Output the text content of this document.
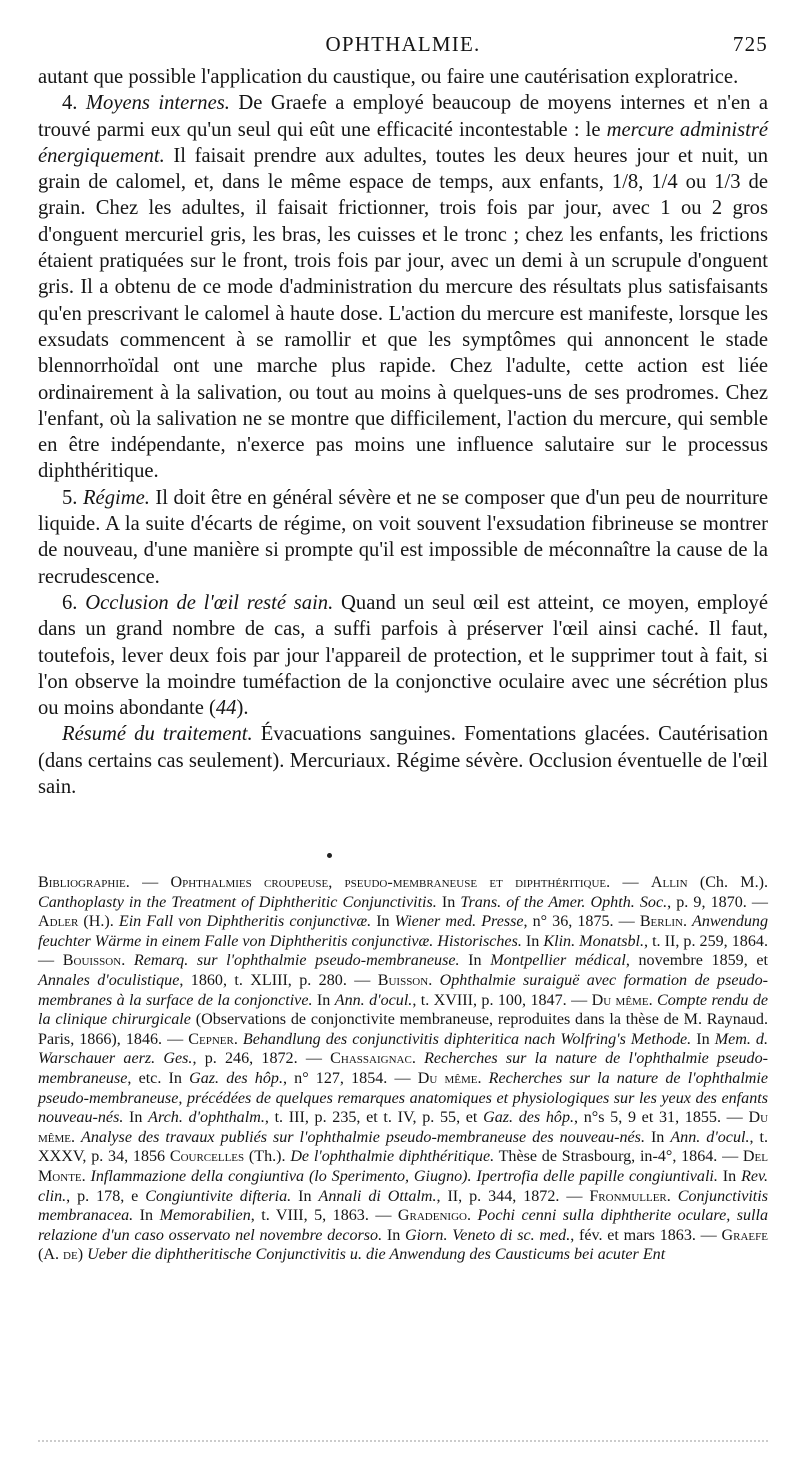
OPHTHALMIE.	725

autant que possible l'application du caustique, ou faire une cautérisation exploratrice.

4. Moyens internes. De Graefe a employé beaucoup de moyens internes et n'en a trouvé parmi eux qu'un seul qui eût une efficacité incontestable : le mercure administré énergiquement. Il faisait prendre aux adultes, toutes les deux heures jour et nuit, un grain de calomel, et, dans le même espace de temps, aux enfants, 1/8, 1/4 ou 1/3 de grain. Chez les adultes, il faisait frictionner, trois fois par jour, avec 1 ou 2 gros d'onguent mercuriel gris, les bras, les cuisses et le tronc ; chez les enfants, les frictions étaient pratiquées sur le front, trois fois par jour, avec un demi à un scrupule d'onguent gris. Il a obtenu de ce mode d'administration du mercure des résultats plus satisfaisants qu'en prescrivant le calomel à haute dose. L'action du mercure est manifeste, lorsque les exsudats commencent à se ramollir et que les symptômes qui annoncent le stade blennorrhoïdal ont une marche plus rapide. Chez l'adulte, cette action est liée ordinairement à la salivation, ou tout au moins à quelques-uns de ses prodromes. Chez l'enfant, où la salivation ne se montre que difficilement, l'action du mercure, qui semble en être indépendante, n'exerce pas moins une influence salutaire sur le processus diphthéritique.

5. Régime. Il doit être en général sévère et ne se composer que d'un peu de nourriture liquide. A la suite d'écarts de régime, on voit souvent l'exsudation fibrineuse se montrer de nouveau, d'une manière si prompte qu'il est impossible de méconnaître la cause de la recrudescence.

6. Occlusion de l'œil resté sain. Quand un seul œil est atteint, ce moyen, employé dans un grand nombre de cas, a suffi parfois à préserver l'œil ainsi caché. Il faut, toutefois, lever deux fois par jour l'appareil de protection, et le supprimer tout à fait, si l'on observe la moindre tuméfaction de la conjonctive oculaire avec une sécrétion plus ou moins abondante (44).

Résumé du traitement. Évacuations sanguines. Fomentations glacées. Cautérisation (dans certains cas seulement). Mercuriaux. Régime sévère. Occlusion éventuelle de l'œil sain.

Bibliographie. — Ophthalmies croupeuse, pseudo-membraneuse et diphthéritique. — Allin (Ch. M.). Canthoplasty in the Treatment of Diphtheritic Conjunctivitis. In Trans. of the Amer. Ophth. Soc., p. 9, 1870. — Adler (H.). Ein Fall von Diphtheritis conjunctivæ. In Wiener med. Presse, n° 36, 1875. — Berlin. Anwendung feuchter Wärme in einem Falle von Diphtheritis conjunctivæ. Historisches. In Klin. Monatsbl., t. II, p. 259, 1864. — Bouisson. Remarq. sur l'ophthalmie pseudo-membraneuse. In Montpellier médical, novembre 1859, et Annales d'oculistique, 1860, t. XLIII, p. 280. — Buisson. Ophthalmie suraiguë avec formation de pseudo-membranes à la surface de la conjonctive. In Ann. d'ocul., t. XVIII, p. 100, 1847. — Du même. Compte rendu de la clinique chirurgicale (Observations de conjonctivite membraneuse, reproduites dans la thèse de M. Raynaud. Paris, 1866), 1846. — Cepner. Behandlung des conjunctivitis diphteritica nach Wolfring's Methode. In Mem. d. Warschauer aerz. Ges., p. 246, 1872. — Chassaignac. Recherches sur la nature de l'ophthalmie pseudo-membraneuse, etc. In Gaz. des hôp., n° 127, 1854. — Du même. Recherches sur la nature de l'ophthalmie pseudo-membraneuse, précédées de quelques remarques anatomiques et physiologiques sur les yeux des enfants nouveau-nés. In Arch. d'ophthalm., t. III, p. 235, et t. IV, p. 55, et Gaz. des hôp., n°s 5, 9 et 31, 1855. — Du même. Analyse des travaux publiés sur l'ophthalmie pseudo-membraneuse des nouveau-nés. In Ann. d'ocul., t. XXXV, p. 34, 1856 Courcelles (Th.). De l'ophthalmie diphthéritique. Thèse de Strasbourg, in-4°, 1864. — Del Monte. Inflammazione della congiuntiva (lo Sperimento, Giugno). Ipertrofia delle papille congiuntivali. In Rev. clin., p. 178, e Congiuntivite difteria. In Annali di Ottalm., II, p. 344, 1872. — Fronmuller. Conjunctivitis membranacea. In Memorabilien, t. VIII, 5, 1863. — Gradenigo. Pochi cenni sulla diphtherite oculare, sulla relazione d'un caso osservato nel novembre decorso. In Giorn. Veneto di sc. med., fév. et mars 1863. — Graefe (A. de) Ueber die diphtheritische Conjunctivitis u. die Anwendung des Causticums bei acuter Ent
